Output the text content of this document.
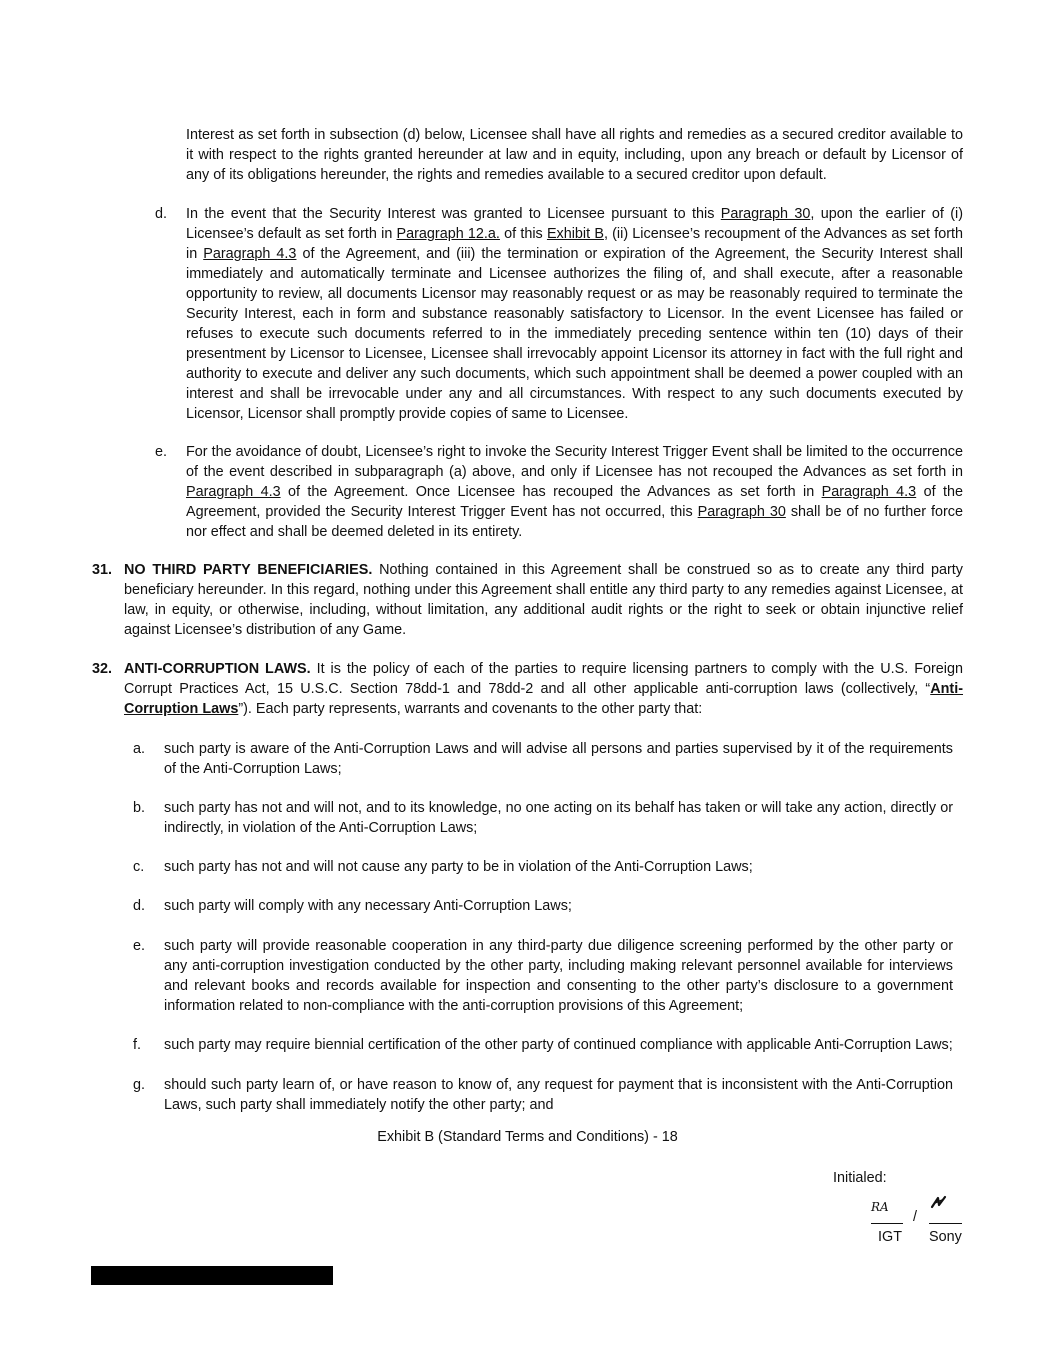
Interest as set forth in subsection (d) below, Licensee shall have all rights and remedies as a secured creditor available to it with respect to the rights granted hereunder at law and in equity, including, upon any breach or default by Licensor of any of its obligations hereunder, the rights and remedies available to a secured creditor upon default.

d. In the event that the Security Interest was granted to Licensee pursuant to this Paragraph 30, upon the earlier of (i) Licensee’s default as set forth in Paragraph 12.a. of this Exhibit B, (ii) Licensee’s recoupment of the Advances as set forth in Paragraph 4.3 of the Agreement, and (iii) the termination or expiration of the Agreement, the Security Interest shall immediately and automatically terminate and Licensee authorizes the filing of, and shall execute, after a reasonable opportunity to review, all documents Licensor may reasonably request or as may be reasonably required to terminate the Security Interest, each in form and substance reasonably satisfactory to Licensor. In the event Licensee has failed or refuses to execute such documents referred to in the immediately preceding sentence within ten (10) days of their presentment by Licensor to Licensee, Licensee shall irrevocably appoint Licensor its attorney in fact with the full right and authority to execute and deliver any such documents, which such appointment shall be deemed a power coupled with an interest and shall be irrevocable under any and all circumstances. With respect to any such documents executed by Licensor, Licensor shall promptly provide copies of same to Licensee.

e. For the avoidance of doubt, Licensee’s right to invoke the Security Interest Trigger Event shall be limited to the occurrence of the event described in subparagraph (a) above, and only if Licensee has not recouped the Advances as set forth in Paragraph 4.3 of the Agreement. Once Licensee has recouped the Advances as set forth in Paragraph 4.3 of the Agreement, provided the Security Interest Trigger Event has not occurred, this Paragraph 30 shall be of no further force nor effect and shall be deemed deleted in its entirety.

31. NO THIRD PARTY BENEFICIARIES. Nothing contained in this Agreement shall be construed so as to create any third party beneficiary hereunder. In this regard, nothing under this Agreement shall entitle any third party to any remedies against Licensee, at law, in equity, or otherwise, including, without limitation, any additional audit rights or the right to seek or obtain injunctive relief against Licensee’s distribution of any Game.

32. ANTI-CORRUPTION LAWS. It is the policy of each of the parties to require licensing partners to comply with the U.S. Foreign Corrupt Practices Act, 15 U.S.C. Section 78dd-1 and 78dd-2 and all other applicable anti-corruption laws (collectively, “Anti- Corruption Laws”). Each party represents, warrants and covenants to the other party that:

a. such party is aware of the Anti-Corruption Laws and will advise all persons and parties supervised by it of the requirements of the Anti-Corruption Laws;

b. such party has not and will not, and to its knowledge, no one acting on its behalf has taken or will take any action, directly or indirectly, in violation of the Anti-Corruption Laws;

c. such party has not and will not cause any party to be in violation of the Anti-Corruption Laws;

d. such party will comply with any necessary Anti-Corruption Laws;

e. such party will provide reasonable cooperation in any third-party due diligence screening performed by the other party or any anti-corruption investigation conducted by the other party, including making relevant personnel available for interviews and relevant books and records available for inspection and consenting to the other party’s disclosure to a government information related to non-compliance with the anti-corruption provisions of this Agreement;

f. such party may require biennial certification of the other party of continued compliance with applicable Anti-Corruption Laws;

g. should such party learn of, or have reason to know of, any request for payment that is inconsistent with the Anti-Corruption Laws, such party shall immediately notify the other party; and

Exhibit B (Standard Terms and Conditions) - 18
Initialed:
RA
/
IGT Sony
